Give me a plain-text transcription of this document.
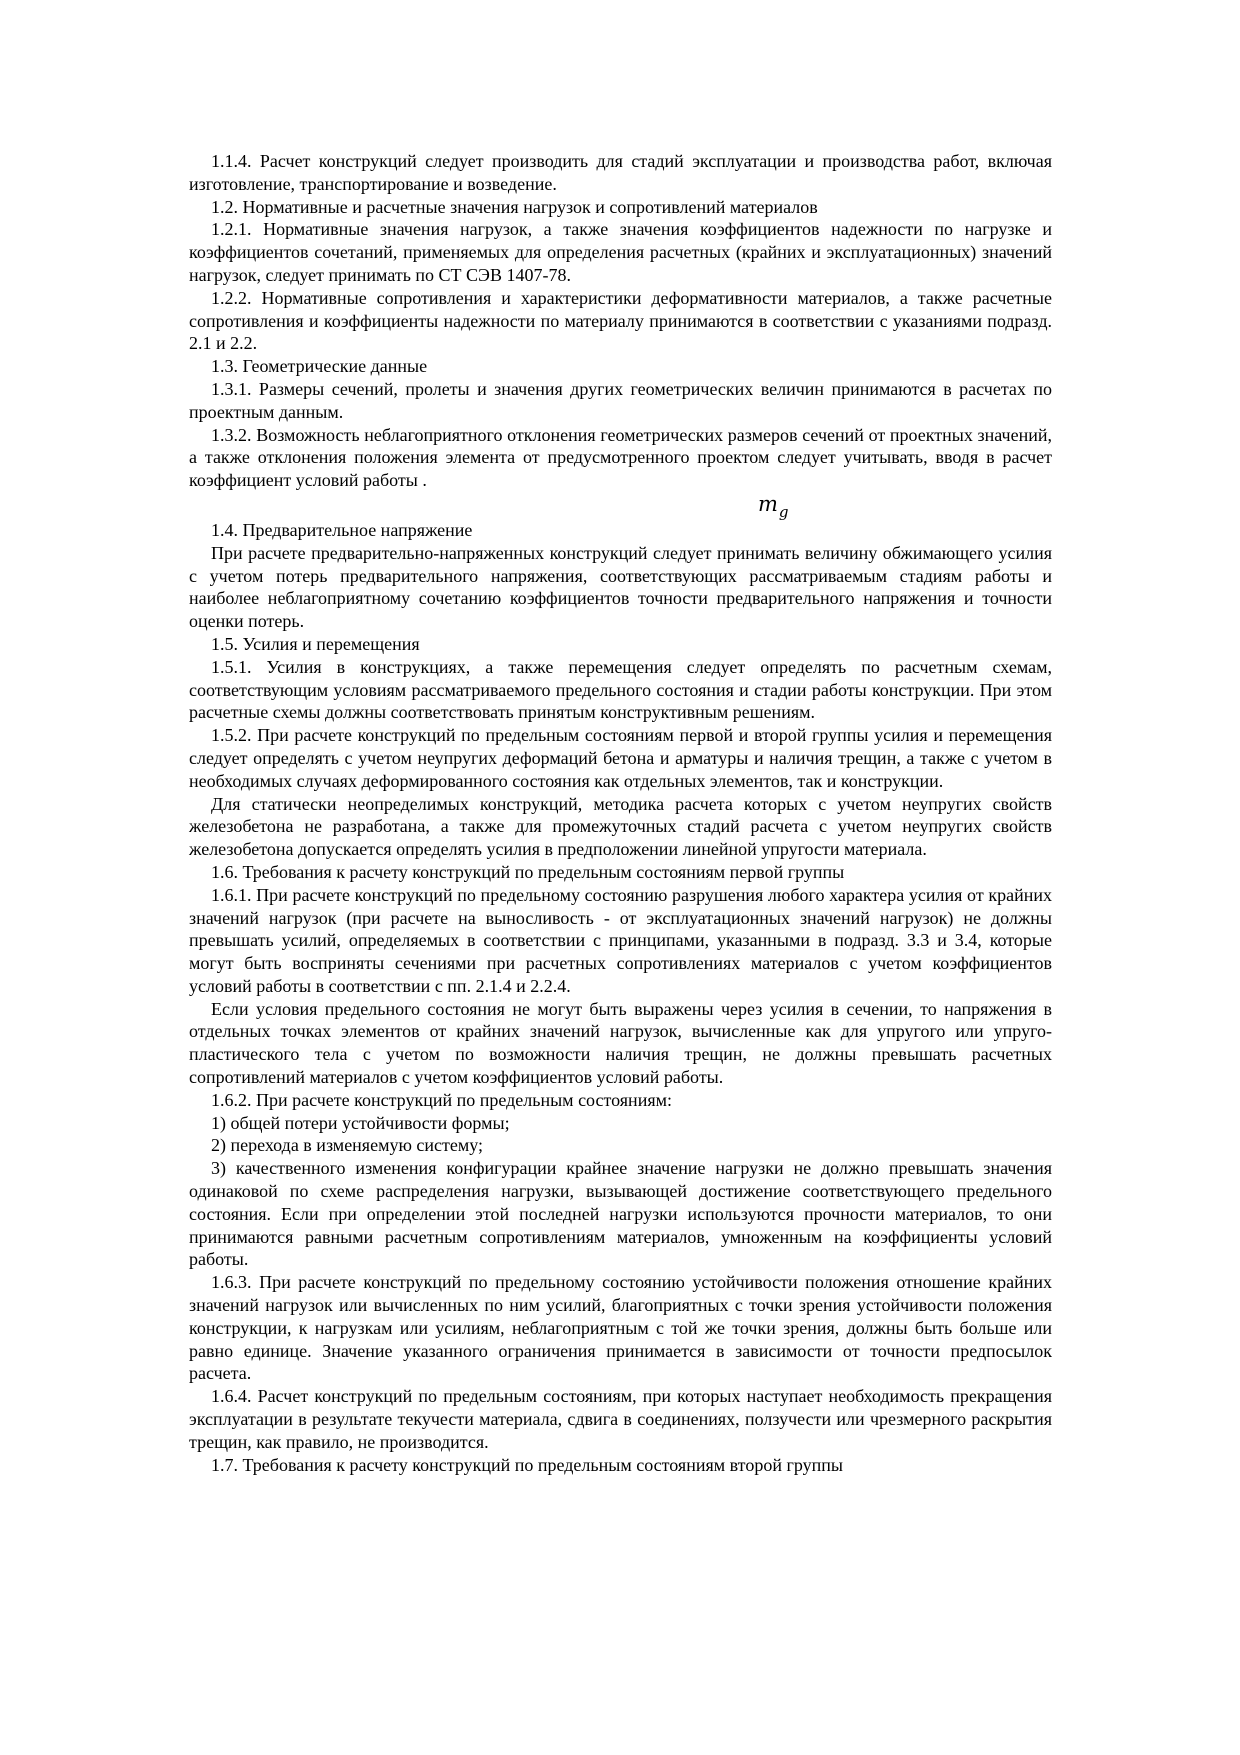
1.1.4. Расчет конструкций следует производить для стадий эксплуатации и производства работ, включая изготовление, транспортирование и возведение.

1.2. Нормативные и расчетные значения нагрузок и сопротивлений материалов

1.2.1. Нормативные значения нагрузок, а также значения коэффициентов надежности по нагрузке и коэффициентов сочетаний, применяемых для определения расчетных (крайних и эксплуатационных) значений нагрузок, следует принимать по СТ СЭВ 1407-78.

1.2.2. Нормативные сопротивления и характеристики деформативности материалов, а также расчетные сопротивления и коэффициенты надежности по материалу принимаются в соответствии с указаниями подразд. 2.1 и 2.2.

1.3. Геометрические данные

1.3.1. Размеры сечений, пролеты и значения других геометрических величин принимаются в расчетах по проектным данным.

1.3.2. Возможность неблагоприятного отклонения геометрических размеров сечений от проектных значений, а также отклонения положения элемента от предусмотренного проектом следует учитывать, вводя в расчет коэффициент условий работы .

$m_g$

1.4. Предварительное напряжение

При расчете предварительно-напряженных конструкций следует принимать величину обжимающего усилия с учетом потерь предварительного напряжения, соответствующих рассматриваемым стадиям работы и наиболее неблагоприятному сочетанию коэффициентов точности предварительного напряжения и точности оценки потерь.

1.5. Усилия и перемещения

1.5.1. Усилия в конструкциях, а также перемещения следует определять по расчетным схемам, соответствующим условиям рассматриваемого предельного состояния и стадии работы конструкции. При этом расчетные схемы должны соответствовать принятым конструктивным решениям.

1.5.2. При расчете конструкций по предельным состояниям первой и второй группы усилия и перемещения следует определять с учетом неупругих деформаций бетона и арматуры и наличия трещин, а также с учетом в необходимых случаях деформированного состояния как отдельных элементов, так и конструкции.

Для статически неопределимых конструкций, методика расчета которых с учетом неупругих свойств железобетона не разработана, а также для промежуточных стадий расчета с учетом неупругих свойств железобетона допускается определять усилия в предположении линейной упругости материала.

1.6. Требования к расчету конструкций по предельным состояниям первой группы

1.6.1. При расчете конструкций по предельному состоянию разрушения любого характера усилия от крайних значений нагрузок (при расчете на выносливость - от эксплуатационных значений нагрузок) не должны превышать усилий, определяемых в соответствии с принципами, указанными в подразд. 3.3 и 3.4, которые могут быть восприняты сечениями при расчетных сопротивлениях материалов с учетом коэффициентов условий работы в соответствии с пп. 2.1.4 и 2.2.4.

Если условия предельного состояния не могут быть выражены через усилия в сечении, то напряжения в отдельных точках элементов от крайних значений нагрузок, вычисленные как для упругого или упруго-пластического тела с учетом по возможности наличия трещин, не должны превышать расчетных сопротивлений материалов с учетом коэффициентов условий работы.

1.6.2. При расчете конструкций по предельным состояниям:

1) общей потери устойчивости формы;

2) перехода в изменяемую систему;

3) качественного изменения конфигурации крайнее значение нагрузки не должно превышать значения одинаковой по схеме распределения нагрузки, вызывающей достижение соответствующего предельного состояния. Если при определении этой последней нагрузки используются прочности материалов, то они принимаются равными расчетным сопротивлениям материалов, умноженным на коэффициенты условий работы.

1.6.3. При расчете конструкций по предельному состоянию устойчивости положения отношение крайних значений нагрузок или вычисленных по ним усилий, благоприятных с точки зрения устойчивости положения конструкции, к нагрузкам или усилиям, неблагоприятным с той же точки зрения, должны быть больше или равно единице. Значение указанного ограничения принимается в зависимости от точности предпосылок расчета.

1.6.4. Расчет конструкций по предельным состояниям, при которых наступает необходимость прекращения эксплуатации в результате текучести материала, сдвига в соединениях, ползучести или чрезмерного раскрытия трещин, как правило, не производится.

1.7. Требования к расчету конструкций по предельным состояниям второй группы
